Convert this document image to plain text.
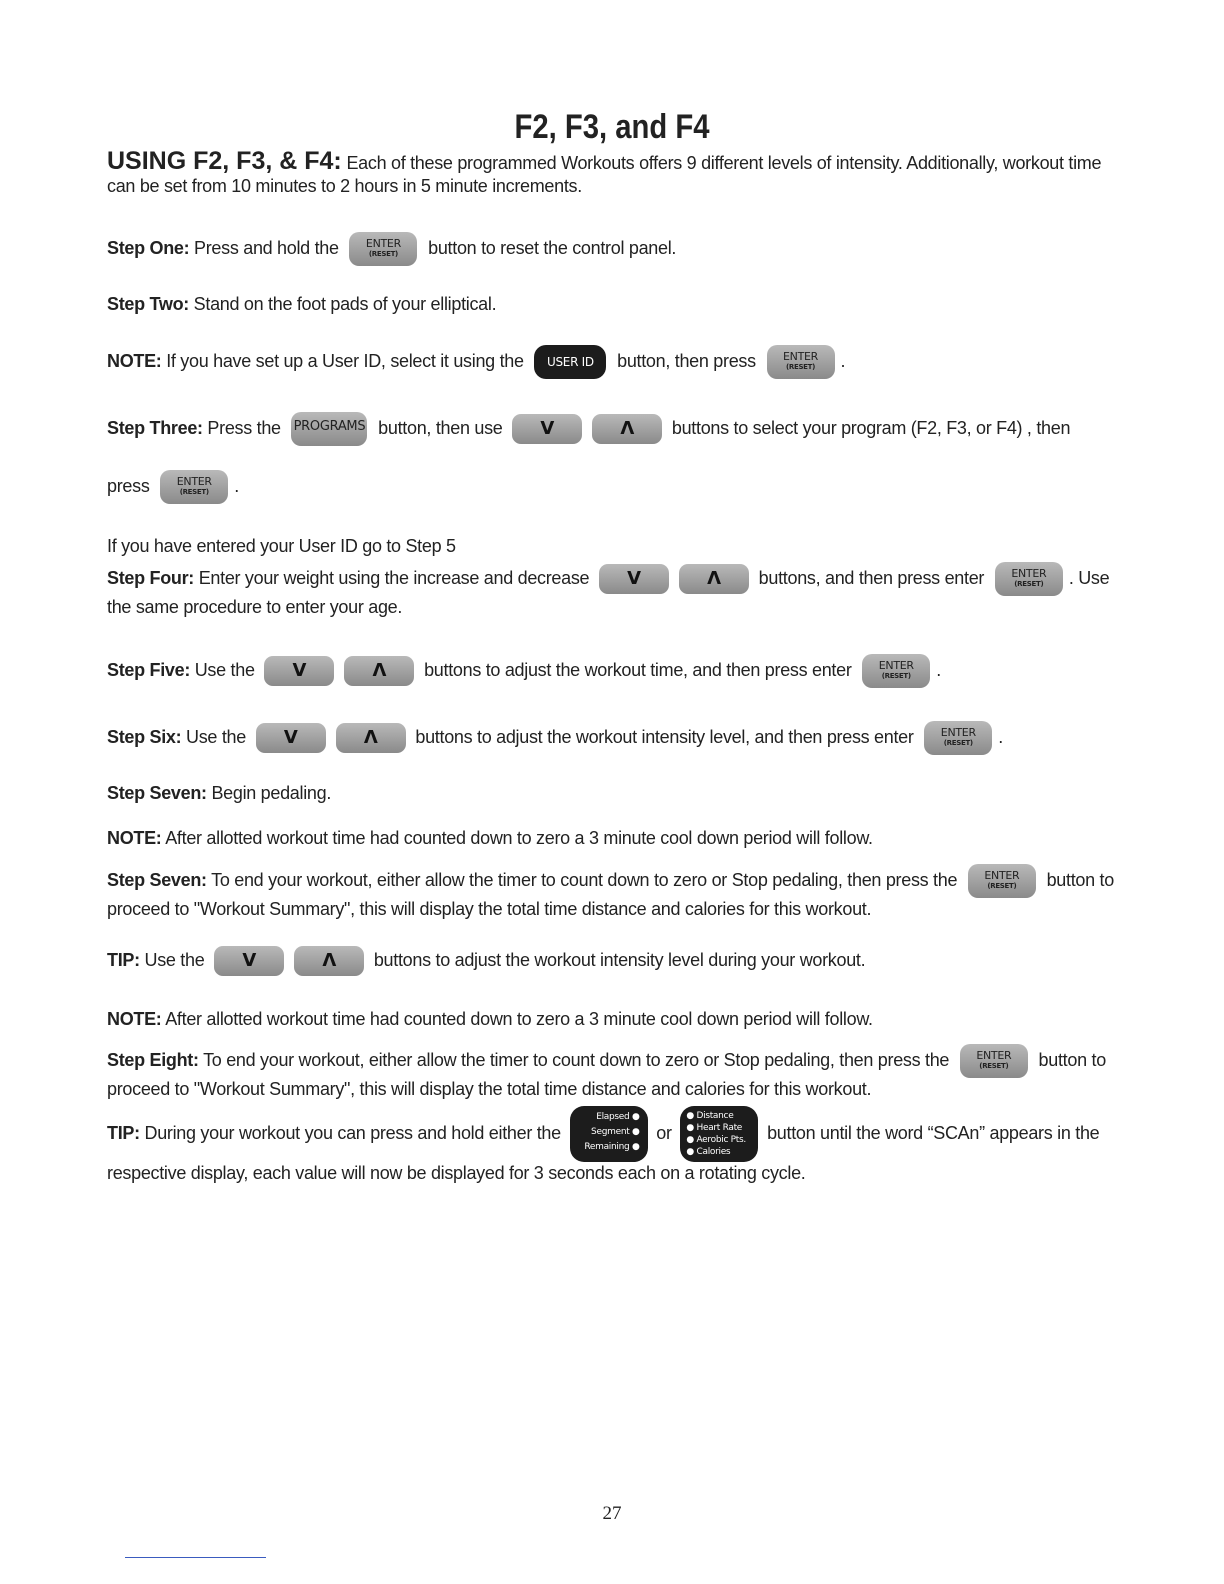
F2, F3, and F4
USING F2, F3, & F4: Each of these programmed Workouts offers 9 different levels of intensity. Additionally, workout time can be set from 10 minutes to 2 hours in 5 minute increments.
Step One: Press and hold the	ENTER
(RESET)	button to reset the control panel.
Step Two: Stand on the foot pads of your elliptical.
NOTE: If you have set up a User ID, select it using the USER ID button, then press	ENTER
(RESET)	.
Step Three: Press the PROGRAMS button, then use V	Λ buttons to select your program (F2, F3, or F4) , then
press	ENTER
(RESET)	.
If you have entered your User ID go to Step 5
Step Four: Enter your weight using the increase and decrease V	Λ buttons, and then press enter	ENTER
(RESET)	. Use the same procedure to enter your age.
Step Five: Use the V	Λ buttons to adjust the workout time, and then press enter	ENTER
(RESET)	.
Step Six: Use the V	Λ buttons to adjust the workout intensity level, and then press enter	ENTER
(RESET)	.
Step Seven: Begin pedaling.
NOTE: After allotted workout time had counted down to zero a 3 minute cool down period will follow.
Step Seven: To end your workout, either allow the timer to count down to zero or Stop pedaling, then press the	ENTER
(RESET)	button to proceed to "Workout Summary", this will display the total time distance and calories for this workout.
TIP: Use the V	Λ buttons to adjust the workout intensity level during your workout.
NOTE: After allotted workout time had counted down to zero a 3 minute cool down period will follow.
Step Eight: To end your workout, either allow the timer to count down to zero or Stop pedaling, then press the	ENTER
(RESET)	button to proceed to "Workout Summary", this will display the total time distance and calories for this workout.
TIP: During your workout you can press and hold either the
Elapsed ●
Segment ●
Remaining ●
or
● Distance
● Heart Rate
● Aerobic Pts.
● Calories
button until the word “SCAn” appears in the respective display, each value will now be displayed for 3 seconds each on a rotating cycle.
27
